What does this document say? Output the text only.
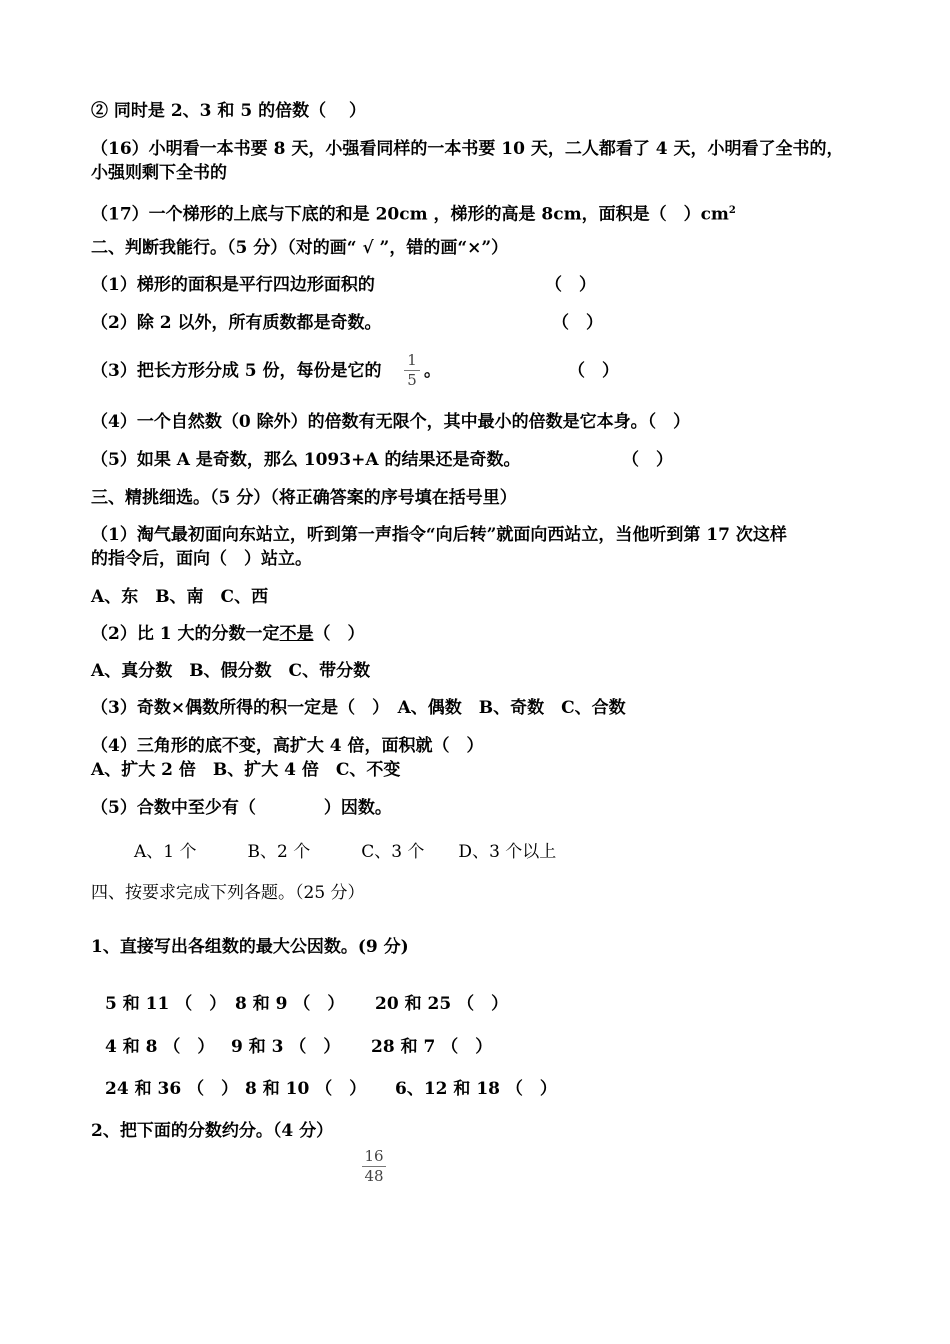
② 同时是 2、3 和 5 的倍数（　 ）
（16）小明看一本书要 8 天，小强看同样的一本书要 10 天，二人都看了 4 天，小明看了全书的，
小强则剩下全书的
（17）一个梯形的上底与下底的和是 20cm ，梯形的高是 8cm，面积是（　）$cm^2$
二、判断我能行。（5 分）（对的画“ √ ”，错的画“×”）
（1）梯形的面积是平行四边形面积的	（　）
（2）除 2 以外，所有质数都是奇数。	（　）
（3）把长方形分成 5 份，每份是它的
1
5 。	（　）
（4）一个自然数（0 除外）的倍数有无限个，其中最小的倍数是它本身。（　）
（5）如果 A 是奇数，那么 1093+A 的结果还是奇数。	（　）
三、精挑细选。（5 分）（将正确答案的序号填在括号里）
（1）淘气最初面向东站立，听到第一声指令“向后转”就面向西站立，当他听到第 17 次这样
的指令后，面向（　）站立。
A、东　B、南　C、西
（2）比 1 大的分数一定不是（　）
A、真分数　B、假分数　C、带分数
（3）奇数×偶数所得的积一定是（　）　A、偶数　B、奇数　C、合数
（4）三角形的底不变，高扩大 4 倍，面积就（　）
A、扩大 2 倍　B、扩大 4 倍　C、不变
（5）合数中至少有（　　　　）因数。
A、1 个　　　B、2 个　　　C、3 个　　D、3 个以上
四、按要求完成下列各题。（25 分）
1、直接写出各组数的最大公因数。(9 分)
5 和 11 （　） 8 和 9 （　） 20 和 25 （　）
4 和 8 （　） 9 和 3 （　） 28 和 7 （　）
24 和 36 （　） 8 和 10 （　） 6、12 和 18 （　）
2、把下面的分数约分。（4 分）
16
48
